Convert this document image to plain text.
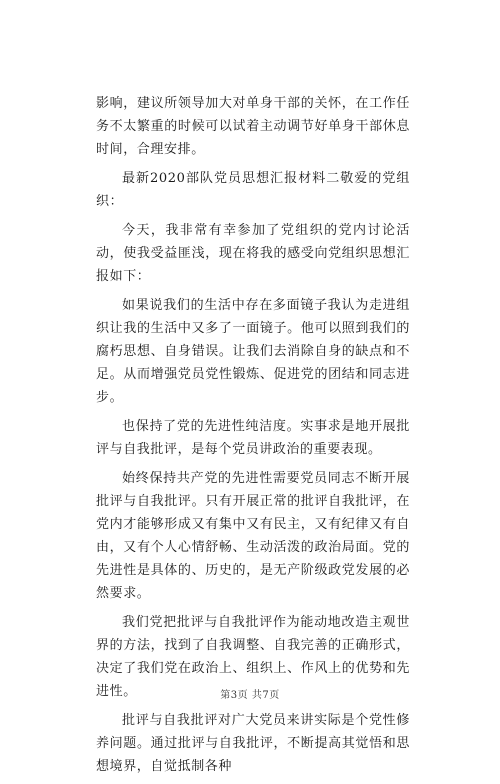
影响，建议所领导加大对单身干部的关怀，在工作任务不太繁重的时候可以试着主动调节好单身干部休息时间，合理安排。

最新2020部队党员思想汇报材料二敬爱的党组织：

今天，我非常有幸参加了党组织的党内讨论活动，使我受益匪浅，现在将我的感受向党组织思想汇报如下：

如果说我们的生活中存在多面镜子我认为走进组织让我的生活中又多了一面镜子。他可以照到我们的腐朽思想、自身错误。让我们去消除自身的缺点和不足。从而增强党员党性锻炼、促进党的团结和同志进步。

也保持了党的先进性纯洁度。实事求是地开展批评与自我批评，是每个党员讲政治的重要表现。

始终保持共产党的先进性需要党员同志不断开展批评与自我批评。只有开展正常的批评自我批评，在党内才能够形成又有集中又有民主，又有纪律又有自由，又有个人心情舒畅、生动活泼的政治局面。党的先进性是具体的、历史的，是无产阶级政党发展的必然要求。

我们党把批评与自我批评作为能动地改造主观世界的方法，找到了自我调整、自我完善的正确形式，决定了我们党在政治上、组织上、作风上的优势和先进性。

批评与自我批评对广大党员来讲实际是个党性修养问题。通过批评与自我批评，不断提高其觉悟和思想境界，自觉抵制各种

第3页 共7页
